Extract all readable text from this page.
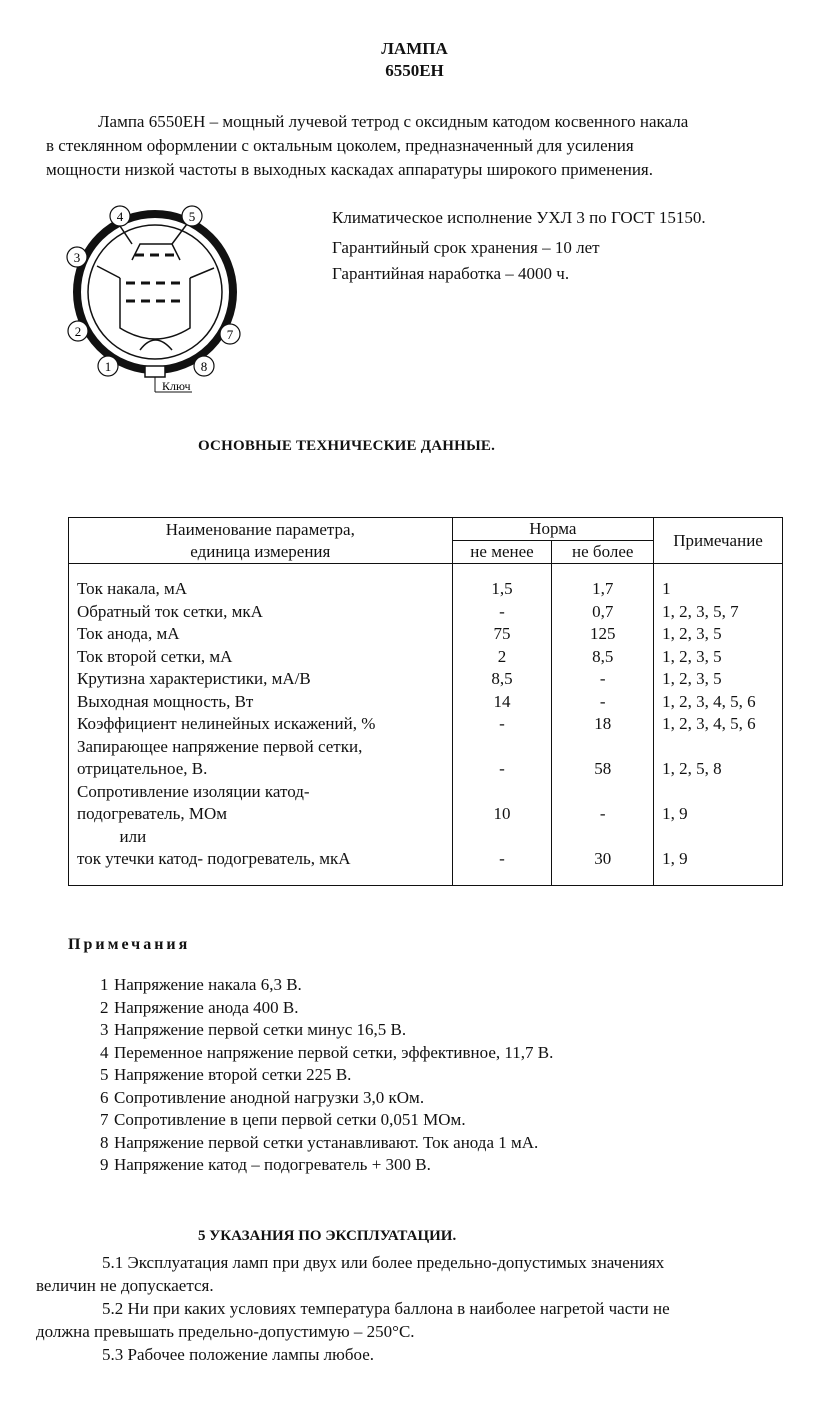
ЛАМПА
6550ЕН

Лампа 6550ЕН – мощный лучевой тетрод с оксидным катодом косвенного накала

в стеклянном оформлении с октальным цоколем, предназначенный для усиления

мощности низкой частоты в выходных каскадах аппаратуры широкого применения.

Ключ
1
2
3
4	5
7
8
Климатическое исполнение УХЛ 3 по ГОСТ 15150.
Гарантийный срок хранения – 10 лет
Гарантийная наработка – 4000 ч.
ОСНОВНЫЕ ТЕХНИЧЕСКИЕ ДАННЫЕ.
Наименование параметра,
единица измерения	Норма		Примечание
	не менее	не более	
Ток накала, мА	1,5	1,7	1
Обратный ток сетки, мкА	-	0,7	1, 2, 3, 5, 7
Ток анода, мА	75	125	1, 2, 3, 5
Ток второй сетки, мА	2	8,5	1, 2, 3, 5
Крутизна характеристики, мА/В	8,5	-	1, 2, 3, 5
Выходная мощность, Вт	14	-	1, 2, 3, 4, 5, 6
Коэффициент нелинейных искажений, %	-	18	1, 2, 3, 4, 5, 6
Запирающее напряжение первой сетки,			
отрицательное, В.	-	58	1, 2, 5, 8
Сопротивление изоляции катод-			
подогреватель, МОм	10	-	1, 9
или			
ток утечки катод- подогреватель, мкА	-	30	1, 9
Примечания
1 Напряжение накала 6,3 В.
2 Напряжение анода 400 В.
3 Напряжение первой сетки минус 16,5 В.
4 Переменное напряжение первой сетки, эффективное, 11,7 В.
5 Напряжение второй сетки 225 В.
6 Сопротивление анодной нагрузки 3,0 кОм.
7 Сопротивление в цепи первой сетки 0,051 МОм.
8 Напряжение первой сетки устанавливают. Ток анода 1 мА.
9 Напряжение катод – подогреватель + 300 В.
5 УКАЗАНИЯ ПО ЭКСПЛУАТАЦИИ.

5.1 Эксплуатация ламп при двух или более предельно-допустимых значениях

величин не допускается.

5.2 Ни при каких условиях температура баллона в наиболее нагретой части не

должна превышать предельно-допустимую – 250°С.

5.3 Рабочее положение лампы любое.
